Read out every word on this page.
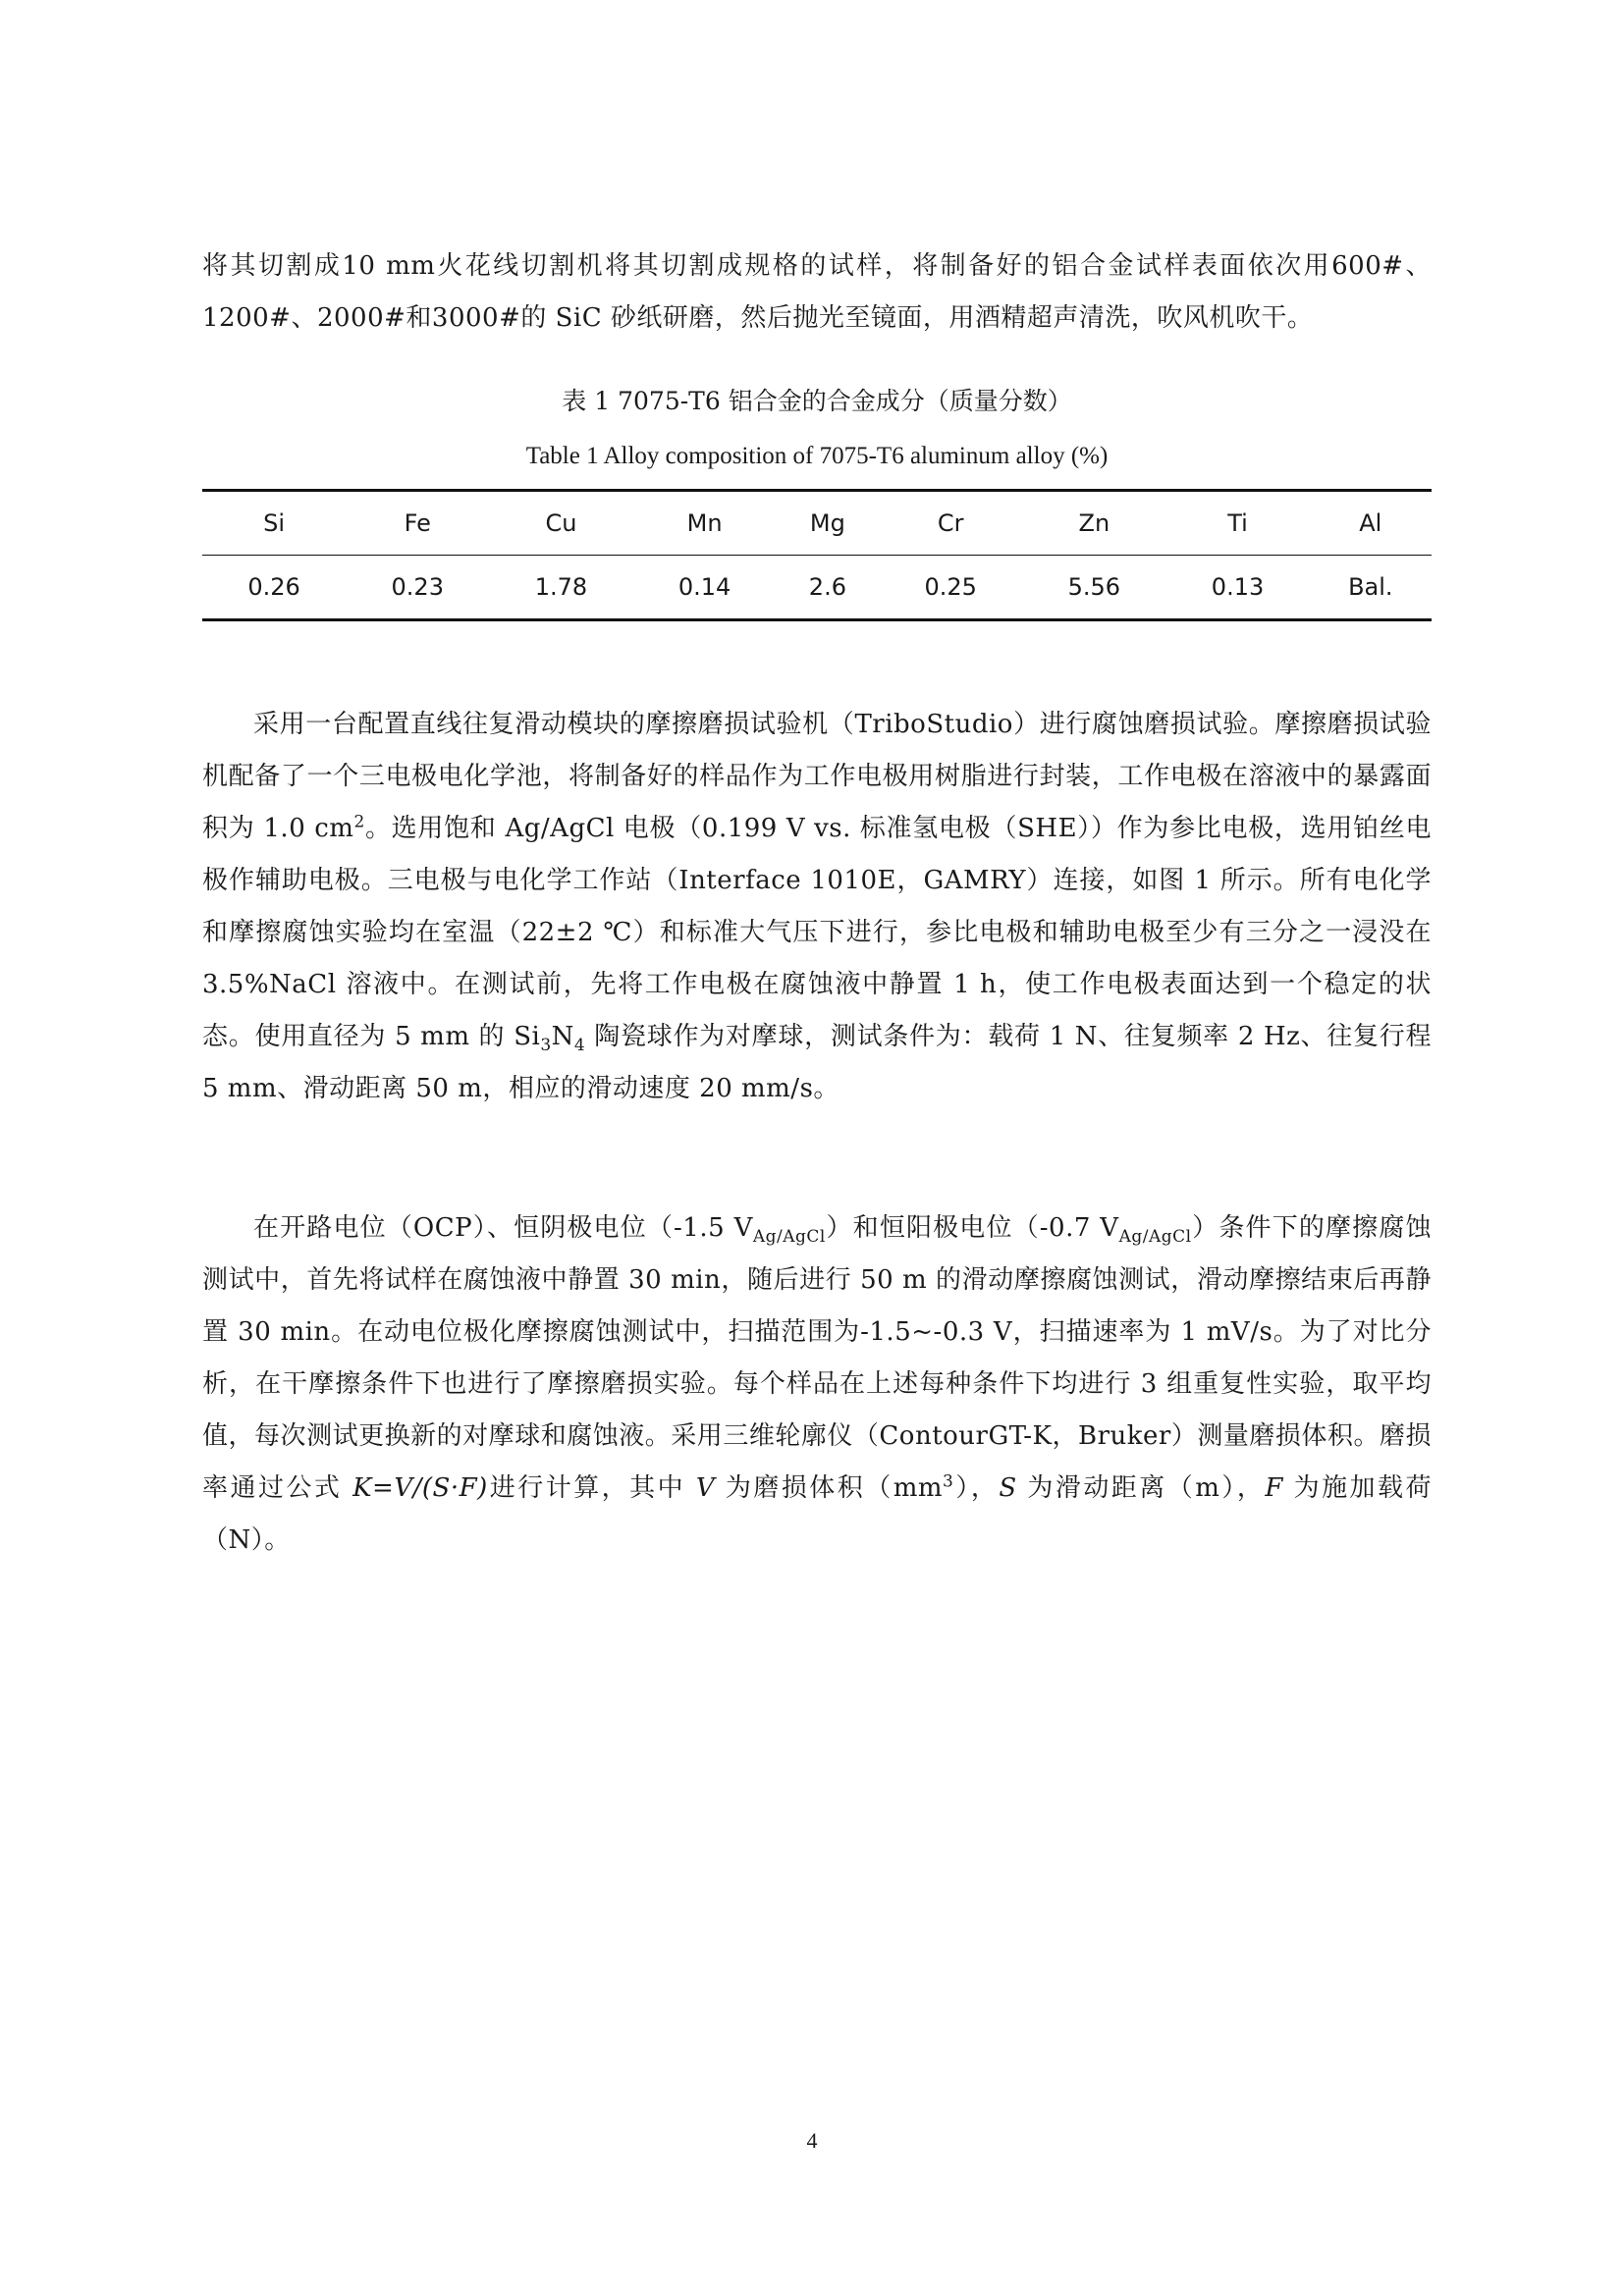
将其切割成10 mm火花线切割机将其切割成规格的试样，将制备好的铝合金试样表面依次用600#、1200#、2000#和3000#的 SiC 砂纸研磨，然后抛光至镜面，用酒精超声清洗，吹风机吹干。

表 1 7075-T6 铝合金的合金成分（质量分数）

Table 1 Alloy composition of 7075-T6 aluminum alloy (%)

Si	Fe	Cu	Mn	Mg	Cr	Zn	Ti	Al
0.26	0.23	1.78	0.14	2.6	0.25	5.56	0.13	Bal.

采用一台配置直线往复滑动模块的摩擦磨损试验机（TriboStudio）进行腐蚀磨损试验。摩擦磨损试验机配备了一个三电极电化学池，将制备好的样品作为工作电极用树脂进行封装，工作电极在溶液中的暴露面积为 1.0 $cm^2$。选用饱和 Ag/AgCl 电极（0.199 V vs. 标准氢电极（SHE））作为参比电极，选用铂丝电极作辅助电极。三电极与电化学工作站（Interface 1010E，GAMRY）连接，如图 1 所示。所有电化学和摩擦腐蚀实验均在室温（22±2 ℃）和标准大气压下进行，参比电极和辅助电极至少有三分之一浸没在 3.5%NaCl 溶液中。在测试前，先将工作电极在腐蚀液中静置 1 h，使工作电极表面达到一个稳定的状态。使用直径为 5 mm 的 $Si_3N_4$ 陶瓷球作为对摩球，测试条件为：载荷 1 N、往复频率 2 Hz、往复行程 5 mm、滑动距离 50 m，相应的滑动速度 20 mm/s。

在开路电位（OCP）、恒阴极电位（-1.5 $V_{Ag/AgCl}$）和恒阳极电位（-0.7 $V_{Ag/AgCl}$）条件下的摩擦腐蚀测试中，首先将试样在腐蚀液中静置 30 min，随后进行 50 m 的滑动摩擦腐蚀测试，滑动摩擦结束后再静置 30 min。在动电位极化摩擦腐蚀测试中，扫描范围为-1.5~-0.3 V，扫描速率为 1 mV/s。为了对比分析，在干摩擦条件下也进行了摩擦磨损实验。每个样品在上述每种条件下均进行 3 组重复性实验，取平均值，每次测试更换新的对摩球和腐蚀液。采用三维轮廓仪（ContourGT-K，Bruker）测量磨损体积。磨损率通过公式 K=V/(S·F)进行计算，其中 V 为磨损体积$(mm^3)$，S 为滑动距离（m），F 为施加载荷（N）。

4
